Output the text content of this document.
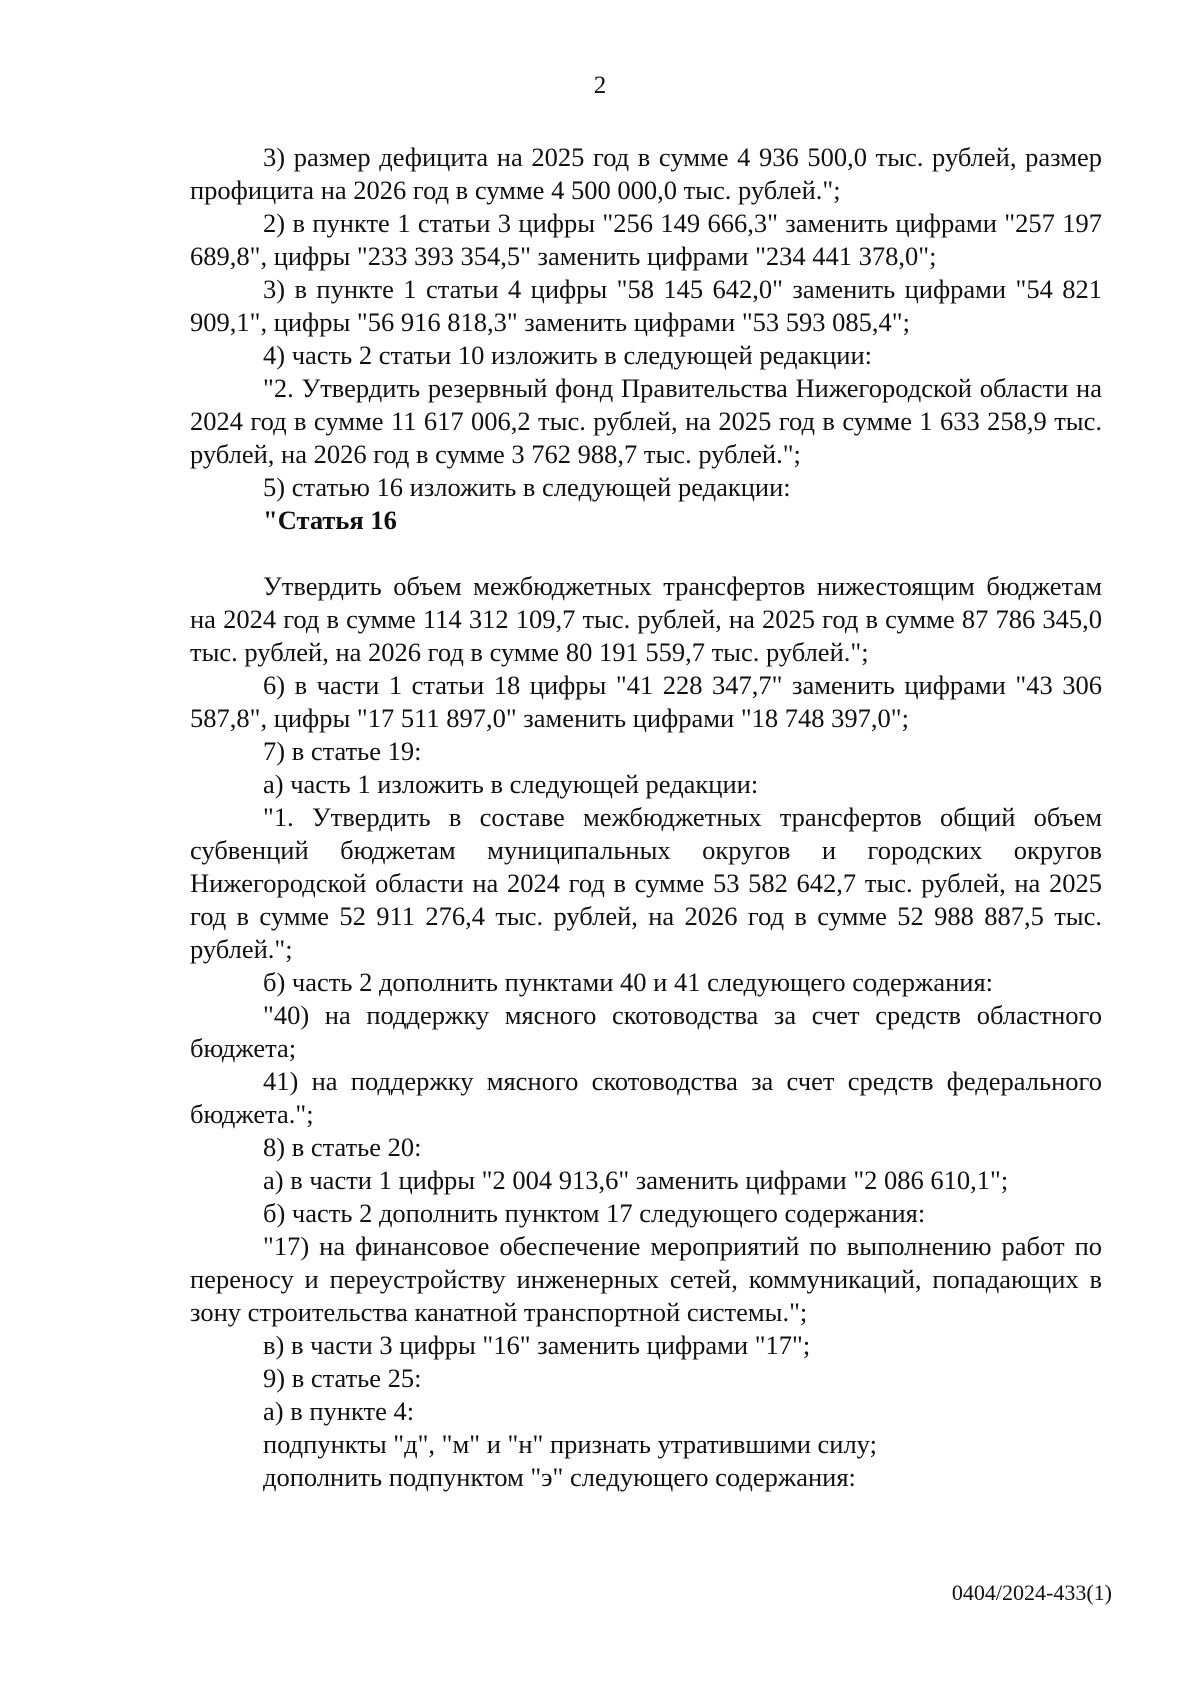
2

3) размер дефицита на 2025 год в сумме 4 936 500,0 тыс. рублей, размер профицита на 2026 год в сумме 4 500 000,0 тыс. рублей.";

2) в пункте 1 статьи 3 цифры "256 149 666,3" заменить цифрами "257 197 689,8", цифры "233 393 354,5" заменить цифрами "234 441 378,0";

3) в пункте 1 статьи 4 цифры "58 145 642,0" заменить цифрами "54 821 909,1", цифры "56 916 818,3" заменить цифрами "53 593 085,4";

4) часть 2 статьи 10 изложить в следующей редакции:

"2. Утвердить резервный фонд Правительства Нижегородской области на 2024 год в сумме 11 617 006,2 тыс. рублей, на 2025 год в сумме 1 633 258,9 тыс. рублей, на 2026 год в сумме 3 762 988,7 тыс. рублей.";

5) статью 16 изложить в следующей редакции:

"Статья 16

Утвердить объем межбюджетных трансфертов нижестоящим бюджетам на 2024 год в сумме 114 312 109,7 тыс. рублей, на 2025 год в сумме 87 786 345,0 тыс. рублей, на 2026 год в сумме 80 191 559,7 тыс. рублей.";

6) в части 1 статьи 18 цифры "41 228 347,7" заменить цифрами "43 306 587,8", цифры "17 511 897,0" заменить цифрами "18 748 397,0";

7) в статье 19:

а) часть 1 изложить в следующей редакции:

"1. Утвердить в составе межбюджетных трансфертов общий объем субвенций бюджетам муниципальных округов и городских округов Нижегородской области на 2024 год в сумме 53 582 642,7 тыс. рублей, на 2025 год в сумме 52 911 276,4 тыс. рублей, на 2026 год в сумме 52 988 887,5 тыс. рублей.";

б) часть 2 дополнить пунктами 40 и 41 следующего содержания:

"40) на поддержку мясного скотоводства за счет средств областного бюджета;

41) на поддержку мясного скотоводства за счет средств федерального бюджета.";

8) в статье 20:

а) в части 1 цифры "2 004 913,6" заменить цифрами "2 086 610,1";

б) часть 2 дополнить пунктом 17 следующего содержания:

"17) на финансовое обеспечение мероприятий по выполнению работ по переносу и переустройству инженерных сетей, коммуникаций, попадающих в зону строительства канатной транспортной системы.";

в) в части 3 цифры "16" заменить цифрами "17";

9) в статье 25:

а) в пункте 4:

подпункты "д", "м" и "н" признать утратившими силу;

дополнить подпунктом "э" следующего содержания:

0404/2024-433(1)
